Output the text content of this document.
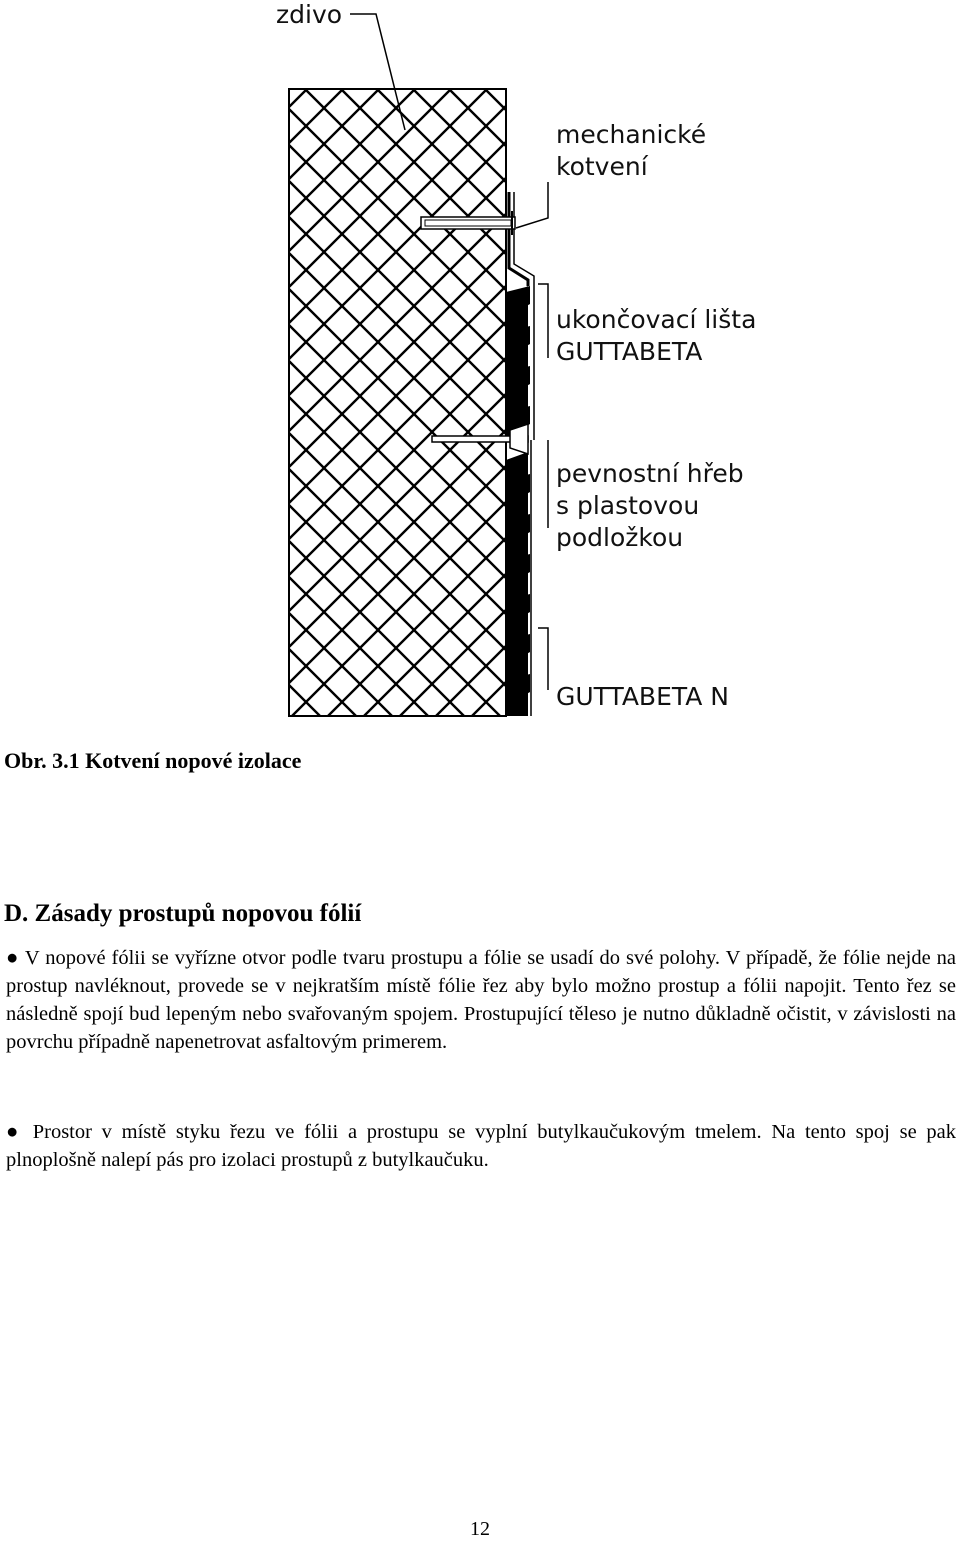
zdivo
mechanické
kotvení
ukončovací lišta
GUTTABETA
pevnostní hřeb
s plastovou
podložkou
GUTTABETA N
Obr. 3.1 Kotvení nopové izolace
D. Zásady prostupů nopovou fólií
● V nopové fólii se vyřízne otvor podle tvaru prostupu a fólie se usadí do své polohy. V případě, že fólie nejde na prostup navléknout, provede se v nejkratším místě fólie řez aby bylo možno prostup a fólii napojit. Tento řez se následně spojí bud lepeným nebo svařovaným spojem. Prostupující těleso je nutno důkladně očistit, v závislosti na povrchu případně napenetrovat asfaltovým primerem.
● Prostor v místě styku řezu ve fólii a prostupu se vyplní butylkaučukovým tmelem. Na tento spoj se pak plnoplošně nalepí pás pro izolaci prostupů z butylkaučuku.
12
